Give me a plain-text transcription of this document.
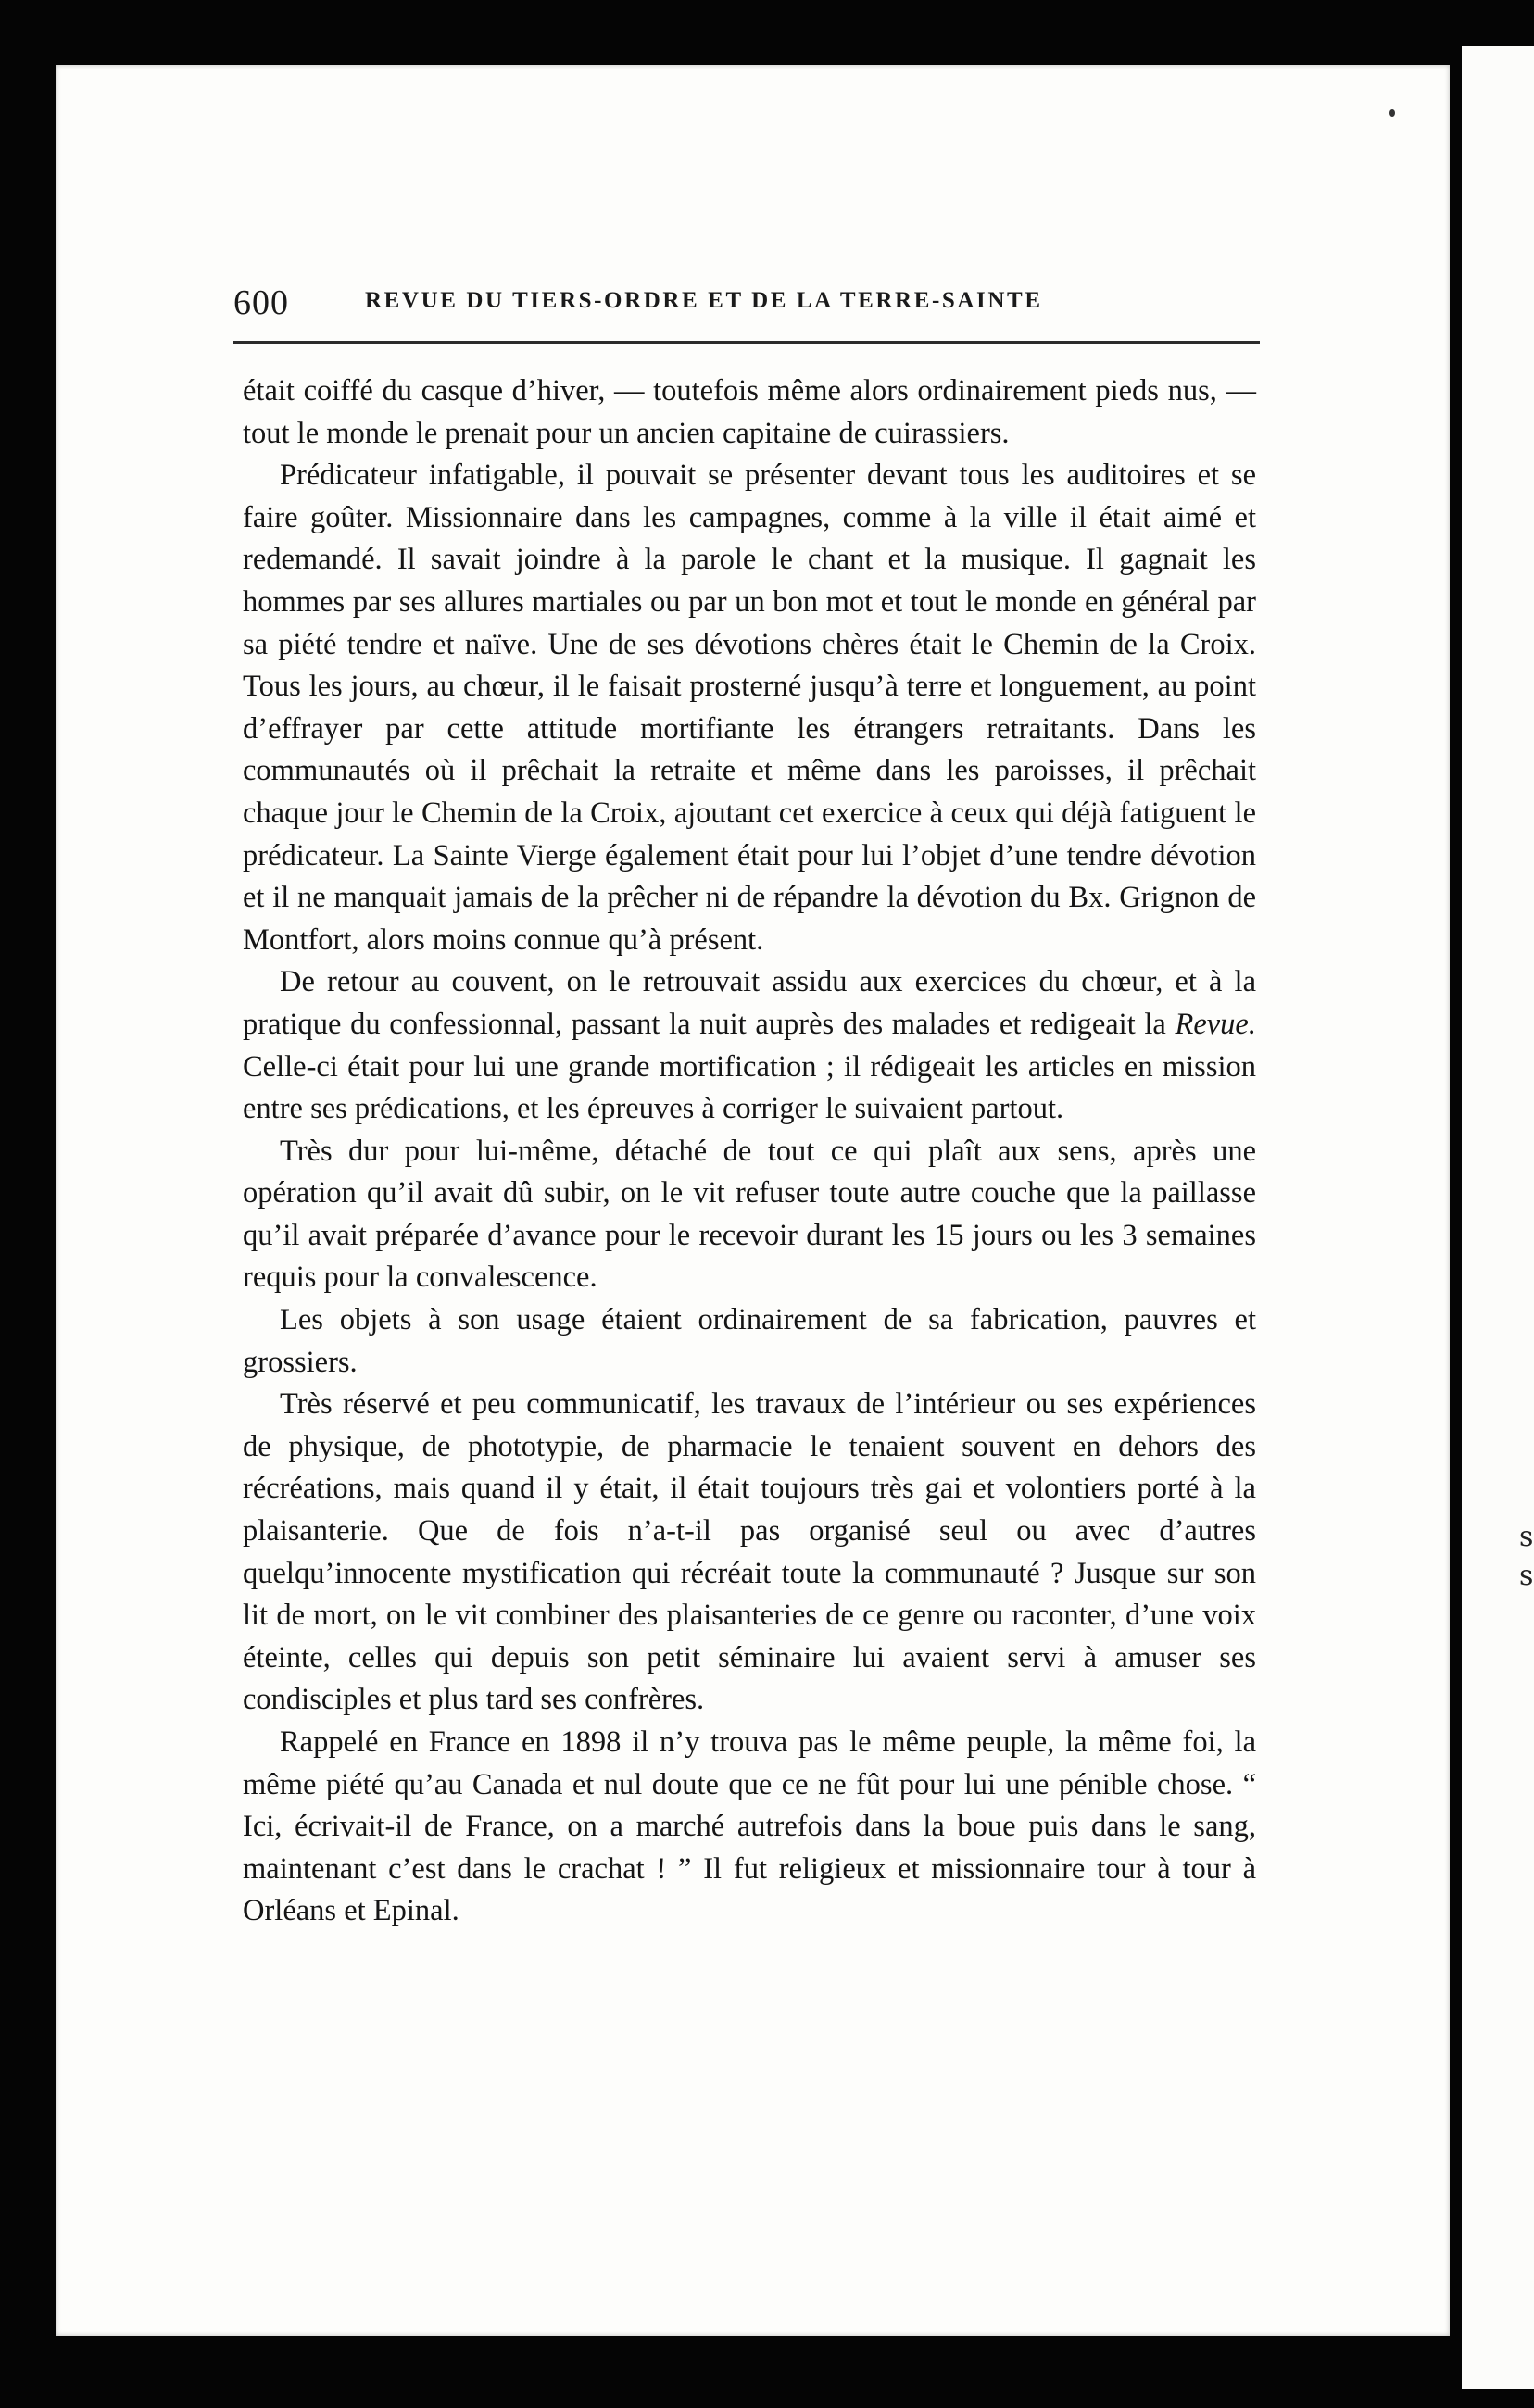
s
s
600	REVUE DU TIERS-ORDRE ET DE LA TERRE-SAINTE

était coiffé du casque d’hiver, — toutefois même alors ordinairement pieds nus, — tout le monde le prenait pour un ancien capitaine de cuirassiers.

Prédicateur infatigable, il pouvait se présenter devant tous les auditoires et se faire goûter. Missionnaire dans les campagnes, comme à la ville il était aimé et redemandé. Il savait joindre à la parole le chant et la musique. Il gagnait les hommes par ses allures martiales ou par un bon mot et tout le monde en général par sa piété tendre et naïve. Une de ses dévotions chères était le Chemin de la Croix. Tous les jours, au chœur, il le faisait prosterné jusqu’à terre et longuement, au point d’effrayer par cette attitude mortifiante les étrangers retraitants. Dans les communautés où il prêchait la retraite et même dans les paroisses, il prêchait chaque jour le Chemin de la Croix, ajoutant cet exercice à ceux qui déjà fatiguent le prédicateur. La Sainte Vierge également était pour lui l’objet d’une tendre dévotion et il ne manquait jamais de la prêcher ni de répandre la dévotion du Bx. Grignon de Montfort, alors moins connue qu’à présent.

De retour au couvent, on le retrouvait assidu aux exercices du chœur, et à la pratique du confessionnal, passant la nuit auprès des malades et redigeait la Revue. Celle-ci était pour lui une grande mortification ; il rédigeait les articles en mission entre ses prédications, et les épreuves à corriger le suivaient partout.

Très dur pour lui-même, détaché de tout ce qui plaît aux sens, après une opération qu’il avait dû subir, on le vit refuser toute autre couche que la paillasse qu’il avait préparée d’avance pour le recevoir durant les 15 jours ou les 3 semaines requis pour la convalescence.

Les objets à son usage étaient ordinairement de sa fabrication, pauvres et grossiers.

Très réservé et peu communicatif, les travaux de l’intérieur ou ses expériences de physique, de phototypie, de pharmacie le tenaient souvent en dehors des récréations, mais quand il y était, il était toujours très gai et volontiers porté à la plaisanterie. Que de fois n’a-t-il pas organisé seul ou avec d’autres quelqu’innocente mystification qui récréait toute la communauté ? Jusque sur son lit de mort, on le vit combiner des plaisanteries de ce genre ou raconter, d’une voix éteinte, celles qui depuis son petit séminaire lui avaient servi à amuser ses condisciples et plus tard ses confrères.

Rappelé en France en 1898 il n’y trouva pas le même peuple, la même foi, la même piété qu’au Canada et nul doute que ce ne fût pour lui une pénible chose. “ Ici, écrivait-il de France, on a marché autrefois dans la boue puis dans le sang, maintenant c’est dans le crachat ! ” Il fut religieux et missionnaire tour à tour à Orléans et Epinal.
